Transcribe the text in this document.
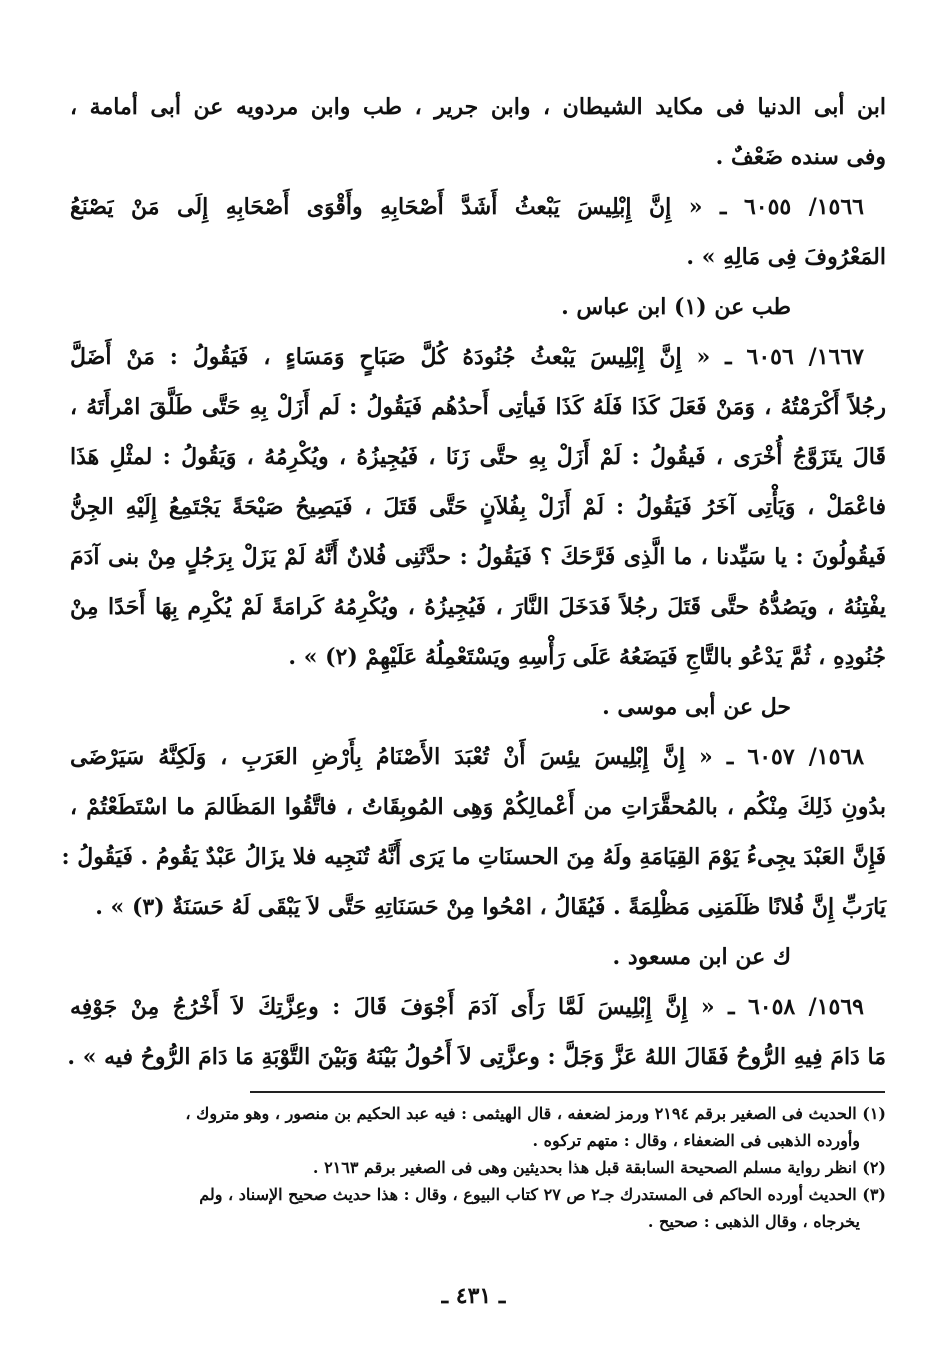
ابن أبى الدنيا فى مكايد الشيطان ، وابن جرير ، طب وابن مردويه عن أبى أمامة ،
وفى سنده ضَعْفٌ .
١٥٦٦/ ٦٠٥٥ ـ « إِنَّ إِبْلِيسَ يَبْعثُ أَشَدَّ أَصْحَابِهِ وأَقْوَى أَصْحَابِهِ إِلَى مَنْ يَصْنَعُ
المَعْرُوفَ فِى مَالِهِ » .
طب عن (١) ابن عباس .
١٦٦٧/ ٦٠٥٦ ـ « إِنَّ إِبْلِيسَ يَبْعثُ جُنُودَهُ كُلَّ صَبَاحٍ وَمَسَاءٍ ، فَيَقُولُ : مَنْ أَضَلَّ
رجُلاً أَكْرَمْتُهُ ، وَمَنْ فَعَلَ كَذَا فَلَهُ كَذَا فَيأتِى أَحدُهُم فَيَقُولُ : لَم أَزَلْ بِهِ حَتَّى طَلَّقَ امْرأَتَهُ ،
قَالَ يتَزَوَّجُ أُخْرَى ، فَيقُولُ : لَمْ أَزَلْ بِهِ حتَّى زَنَا ، فَيُجِيزُهُ ، ويُكْرِمُهُ ، وَيَقُولُ : لمثْلِ هَذَا
فاعْمَلْ ، وَيَأْتِى آخَرُ فَيَقُولُ : لَمْ أَزَلْ بِفُلاَنٍ حَتَّى قَتَلَ ، فَيَصِيحُ صَيْحَةً يَجْتَمِعُ إِلَيْهِ الجِنُّ
فَيقُولُونَ : يا سَيِّدنا ، ما الَّذِى فَرَّحَكَ ؟ فَيَقُولُ : حدَّثَنِى فُلانٌ أَنَّهُ لَمْ يَزَلْ بِرَجُلٍ مِنْ بنى آدَمَ
يفْتِنُهُ ، ويَصُدُّهُ حتَّى قَتَلَ رجُلاً فَدَخَلَ النَّارَ ، فَيُجِيزُهُ ، ويُكْرِمُهُ كَرامَةً لَمْ يُكْرِم بِهَا أَحَدًا مِنْ
جُنُودِهِ ، ثُمَّ يَدْعُو بالتَّاجِ فَيَضَعُهُ عَلَى رَأْسِهِ ويَسْتَعْمِلُهُ عَلَيْهِمْ (٢) » .
حل عن أبى موسى .
١٥٦٨/ ٦٠٥٧ ـ « إِنَّ إِبْلِيسَ يئِسَ أَنْ تُعْبَدَ الأَصْنَامُ بِأَرْضِ العَرَبِ ، وَلَكِنَّهُ سَيَرْضَى
بدُونِ ذَلِكَ مِنْكُم ، بالمُحقَّرَاتِ من أَعْمالِكُمْ وَهِى المُوبِقَاتُ ، فاتَّقُوا المَظَالمَ ما اسْتَطَعْتُمْ ،
فَإِنَّ العَبْدَ يجِىءُ يَوْمَ القِيَامَةِ ولَهُ مِنَ الحسنَاتِ ما يَرَى أَنَّهُ تُنَجِيه فلا يزَالُ عَبْدٌ يَقُومُ . فَيَقُولُ :
يَارَبِّ إِنَّ فُلانًا ظَلَمَنِى مَظْلِمَةً . فَيُقَالُ ، امْحُوا مِنْ حَسَنَاتِهِ حَتَّى لاَ يَبْقَى لَهُ حَسَنَةٌ (٣) » .
ك عن ابن مسعود .
١٥٦٩/ ٦٠٥٨ ـ « إِنَّ إِبْلِيسَ لَمَّا رَأَى آدَمَ أَجْوَفَ قَالَ : وعِزَّتِكَ لاَ أَخْرُجُ مِنْ جَوْفِه
مَا دَامَ فِيهِ الرُّوحُ فَقَالَ اللهُ عَزَّ وَجَلَّ : وعزَّتِى لاَ أَحُولُ بَيْنَهُ وَبَيْنَ التَّوْبَةِ مَا دَامَ الرُّوحُ فيه » .
(١) الحديث فى الصغير برقم ٢١٩٤ ورمز لضعفه ، قال الهيثمى : فيه عبد الحكيم بن منصور ، وهو متروك ،
وأورده الذهبى فى الضعفاء ، وقال : متهم تركوه .
(٢) انظر رواية مسلم الصحيحة السابقة قبل هذا بحديثين وهى فى الصغير برقم ٢١٦٣ .
(٣) الحديث أورده الحاكم فى المستدرك جـ٢ ص ٢٧ كتاب البيوع ، وقال : هذا حديث صحيح الإسناد ، ولم
يخرجاه ، وقال الذهبى : صحيح .
ـ ٤٣١ ـ
